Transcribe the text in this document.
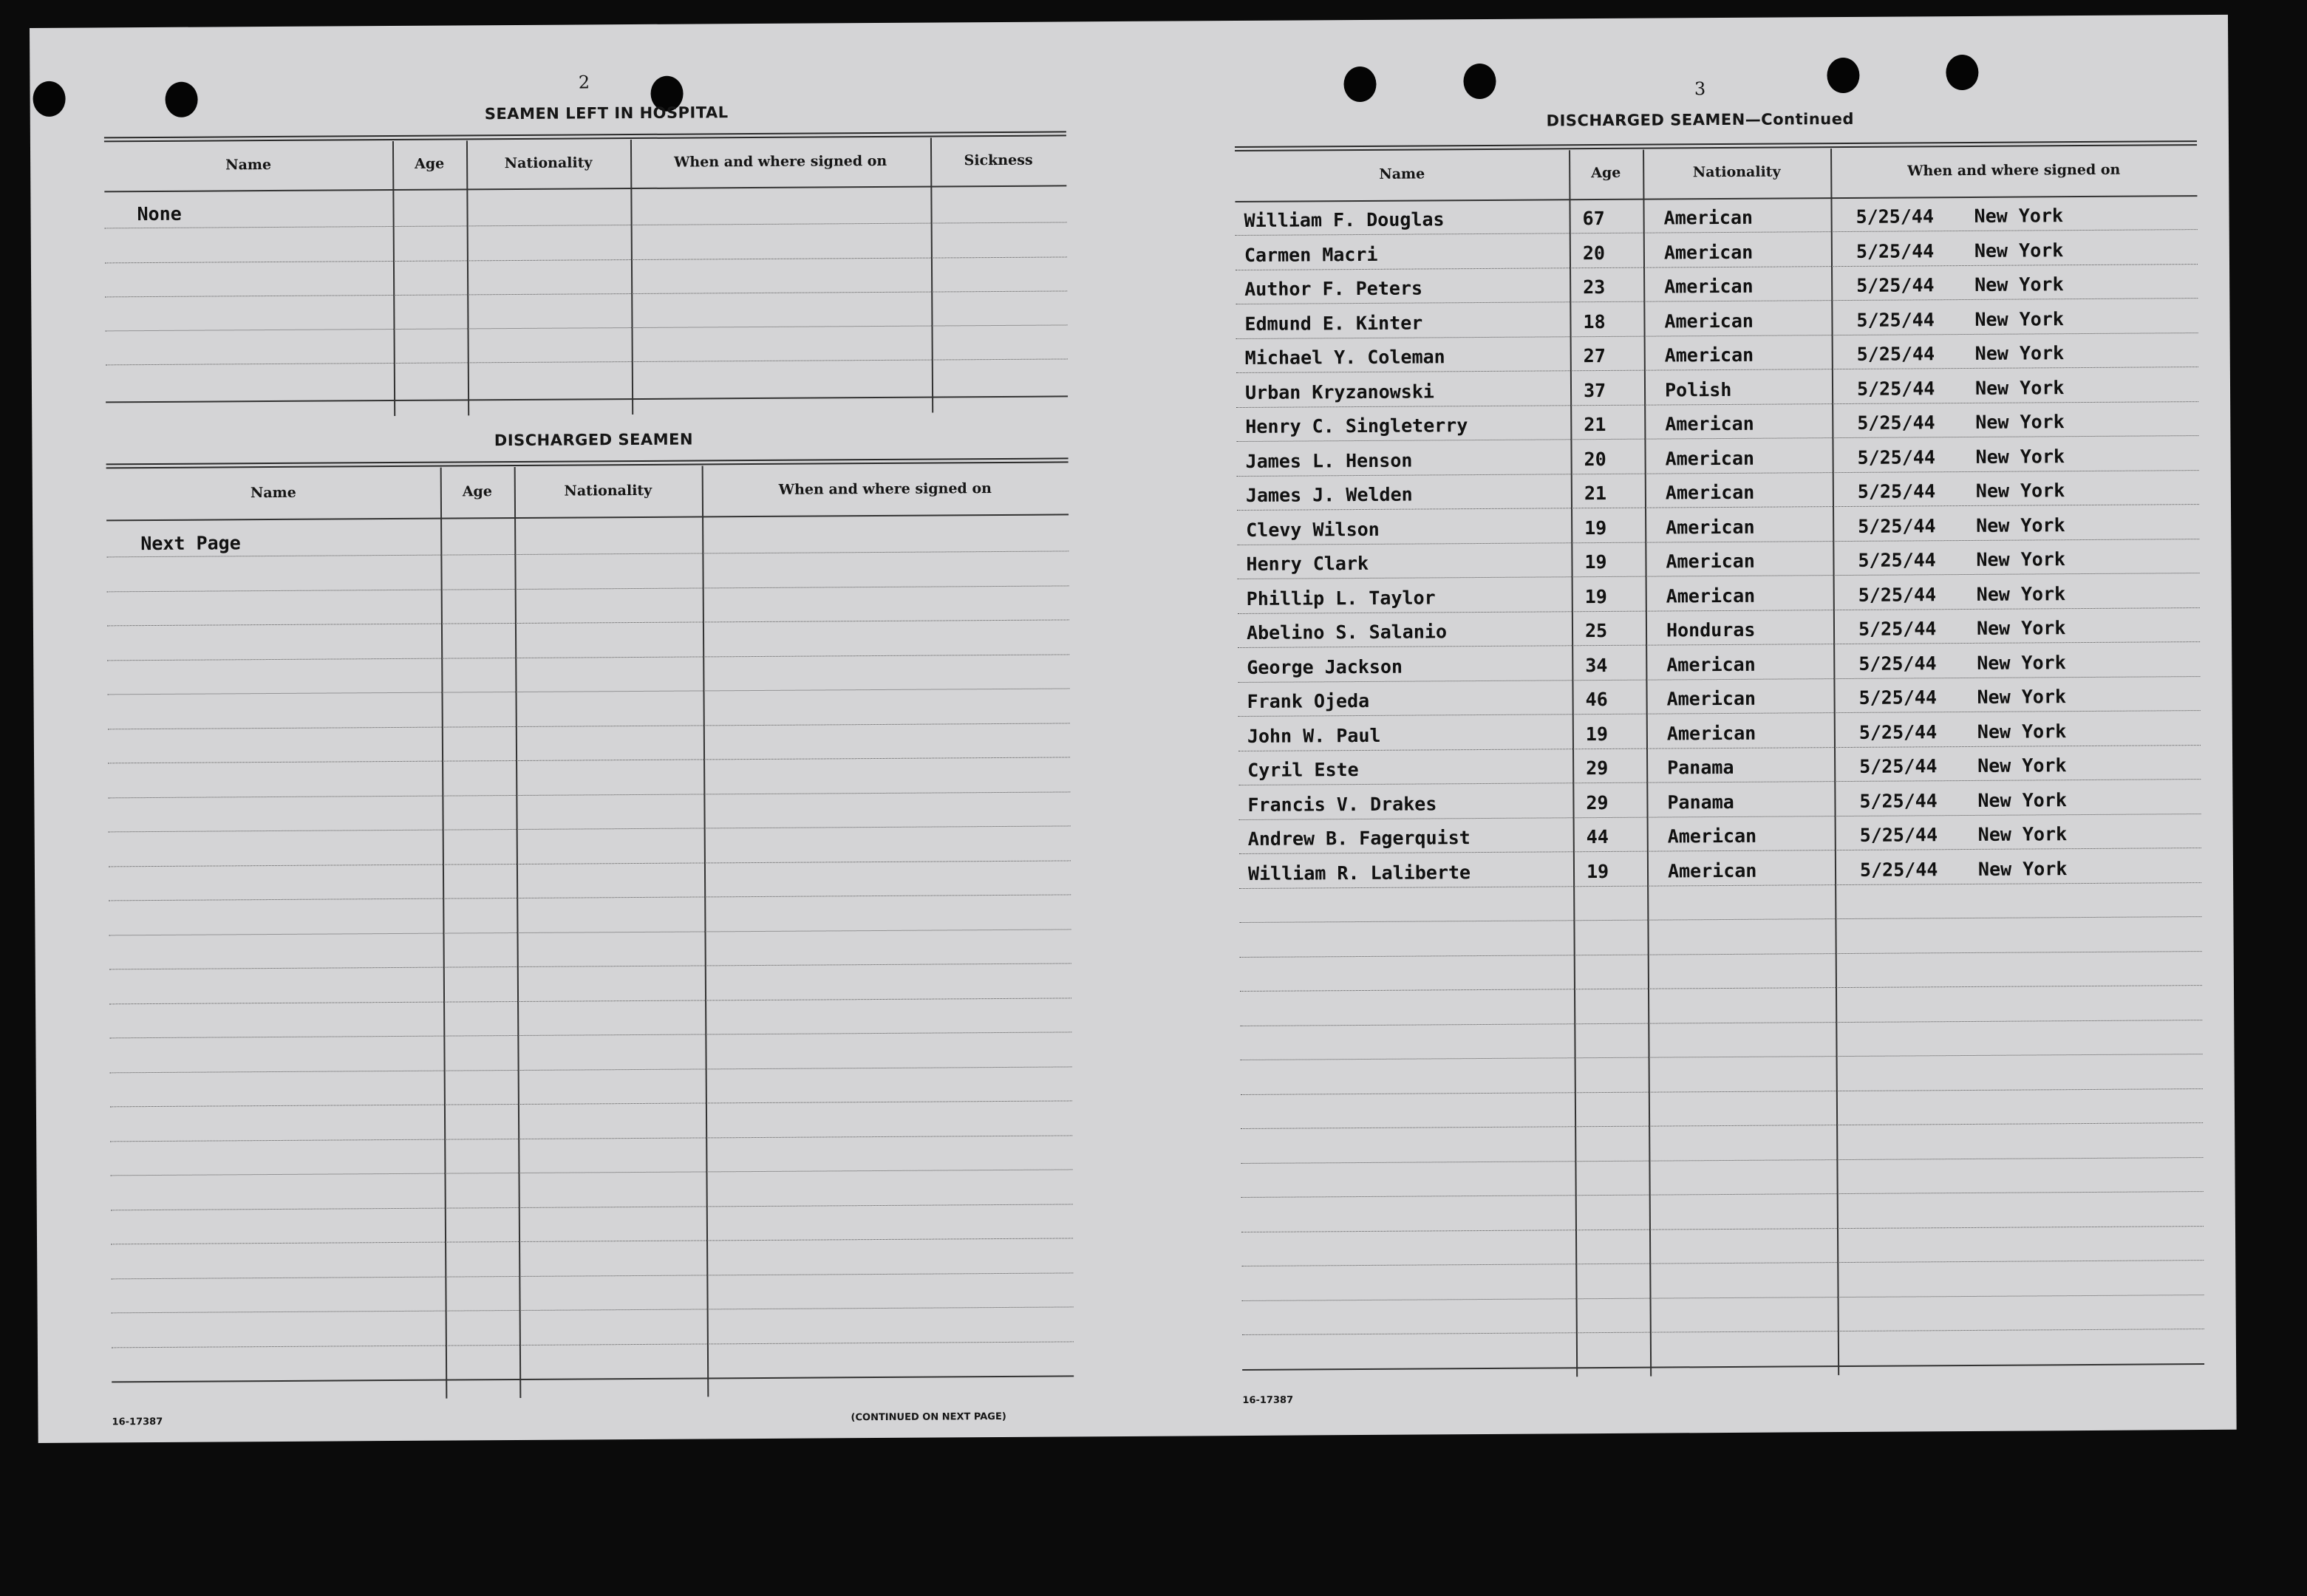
2
SEAMEN LEFT IN HOSPITAL
Name	Age	Nationality	When and where signed on	Sickness
None
DISCHARGED SEAMEN
Name	Age	Nationality	When and where signed on
Next Page
16-17387	(CONTINUED ON NEXT PAGE)
3
DISCHARGED SEAMEN—Continued
Name	Age	Nationality	When and where signed on
William F. Douglas	67	American	5/25/44 New York
Carmen Macri	20	American	5/25/44 New York
Author F. Peters	23	American	5/25/44 New York
Edmund E. Kinter	18	American	5/25/44 New York
Michael Y. Coleman	27	American	5/25/44 New York
Urban Kryzanowski	37	Polish	5/25/44 New York
Henry C. Singleterry	21	American	5/25/44 New York
James L. Henson	20	American	5/25/44 New York
James J. Welden	21	American	5/25/44 New York
Clevy Wilson	19	American	5/25/44 New York
Henry Clark	19	American	5/25/44 New York
Phillip L. Taylor	19	American	5/25/44 New York
Abelino S. Salanio	25	Honduras	5/25/44 New York
George Jackson	34	American	5/25/44 New York
Frank Ojeda	46	American	5/25/44 New York
John W. Paul	19	American	5/25/44 New York
Cyril Este	29	Panama	5/25/44 New York
Francis V. Drakes	29	Panama	5/25/44 New York
Andrew B. Fagerquist	44	American	5/25/44 New York
William R. Laliberte	19	American	5/25/44 New York
16-17387
